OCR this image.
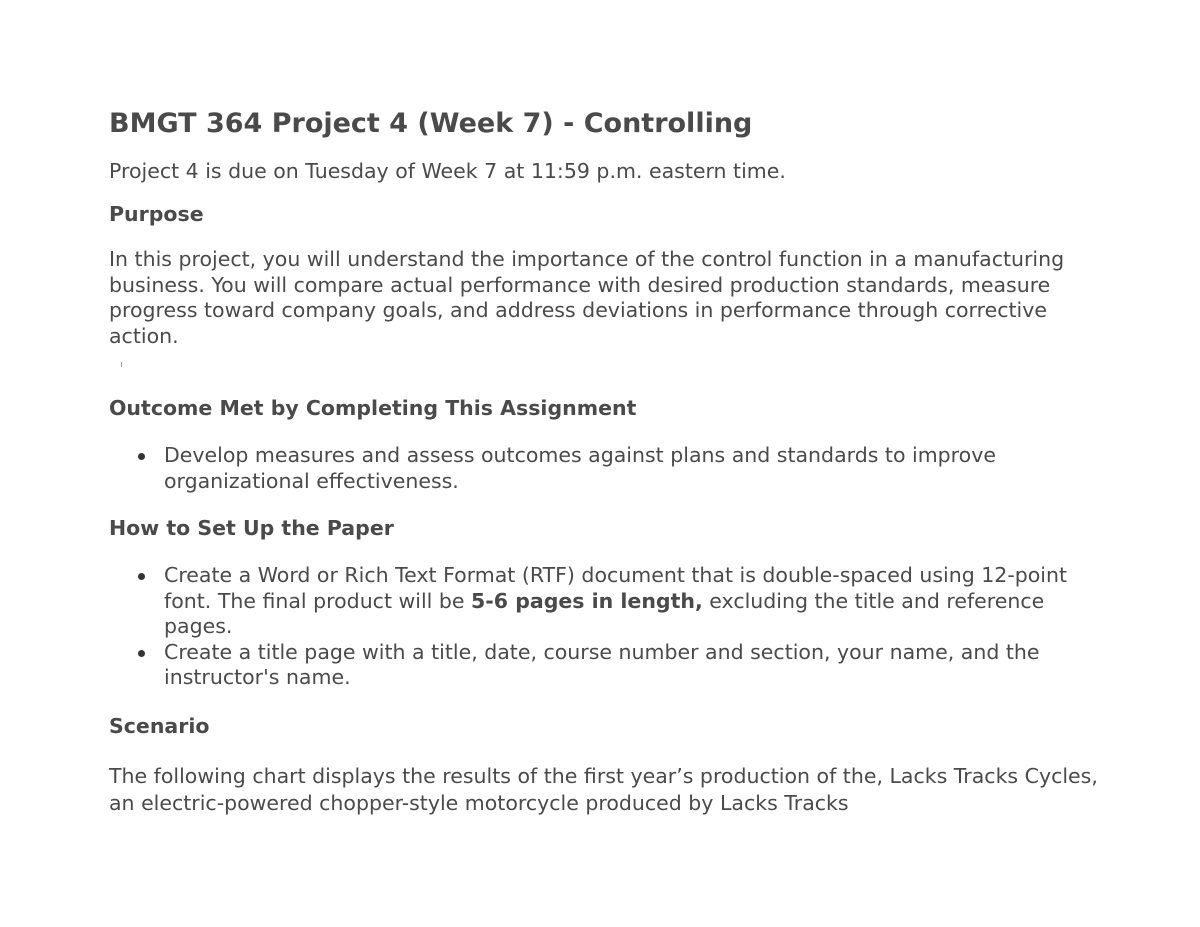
BMGT 364 Project 4 (Week 7) - Controlling

Project 4 is due on Tuesday of Week 7 at 11:59 p.m. eastern time.

Purpose

In this project, you will understand the importance of the control function in a manufacturing business. You will compare actual performance with desired production standards, measure progress toward company goals, and address deviations in performance through corrective action.

Outcome Met by Completing This Assignment
Develop measures and assess outcomes against plans and standards to improve organizational effectiveness.
How to Set Up the Paper
Create a Word or Rich Text Format (RTF) document that is double-spaced using 12-point font. The final product will be 5-6 pages in length, excluding the title and reference pages.
Create a title page with a title, date, course number and section, your name, and the instructor's name.
Scenario

The following chart displays the results of the first year’s production of the, Lacks Tracks Cycles, an electric-powered chopper-style motorcycle produced by Lacks Tracks
